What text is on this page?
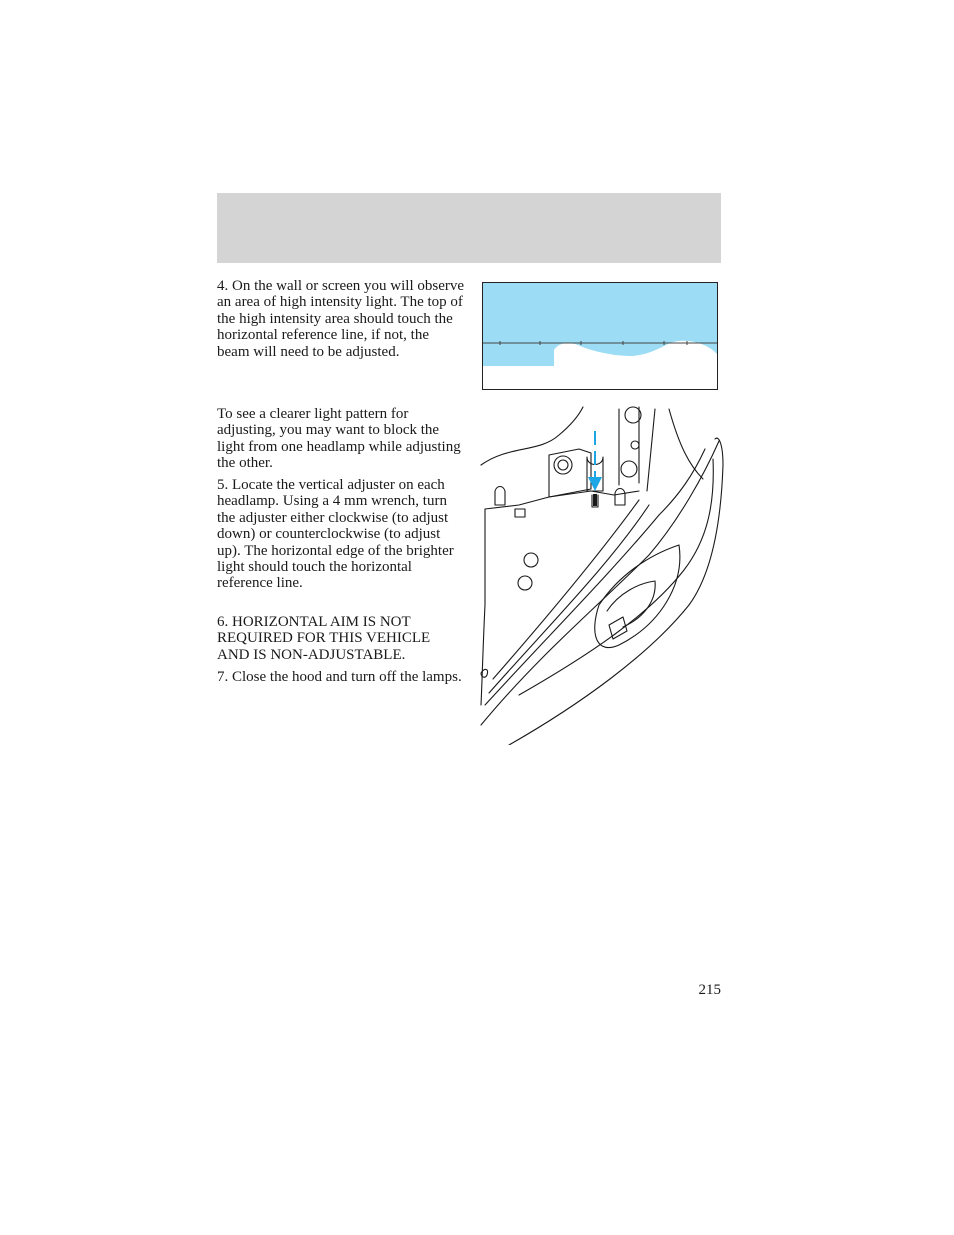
4. On the wall or screen you will observe an area of high intensity light. The top of the high intensity area should touch the horizontal reference line, if not, the beam will need to be adjusted.

To see a clearer light pattern for adjusting, you may want to block the light from one headlamp while adjusting the other.

5. Locate the vertical adjuster on each headlamp. Using a 4 mm wrench, turn the adjuster either clockwise (to adjust down) or counterclockwise (to adjust up). The horizontal edge of the brighter light should touch the horizontal reference line.

6. HORIZONTAL AIM IS NOT REQUIRED FOR THIS VEHICLE AND IS NON-ADJUSTABLE.

7. Close the hood and turn off the lamps.

215
